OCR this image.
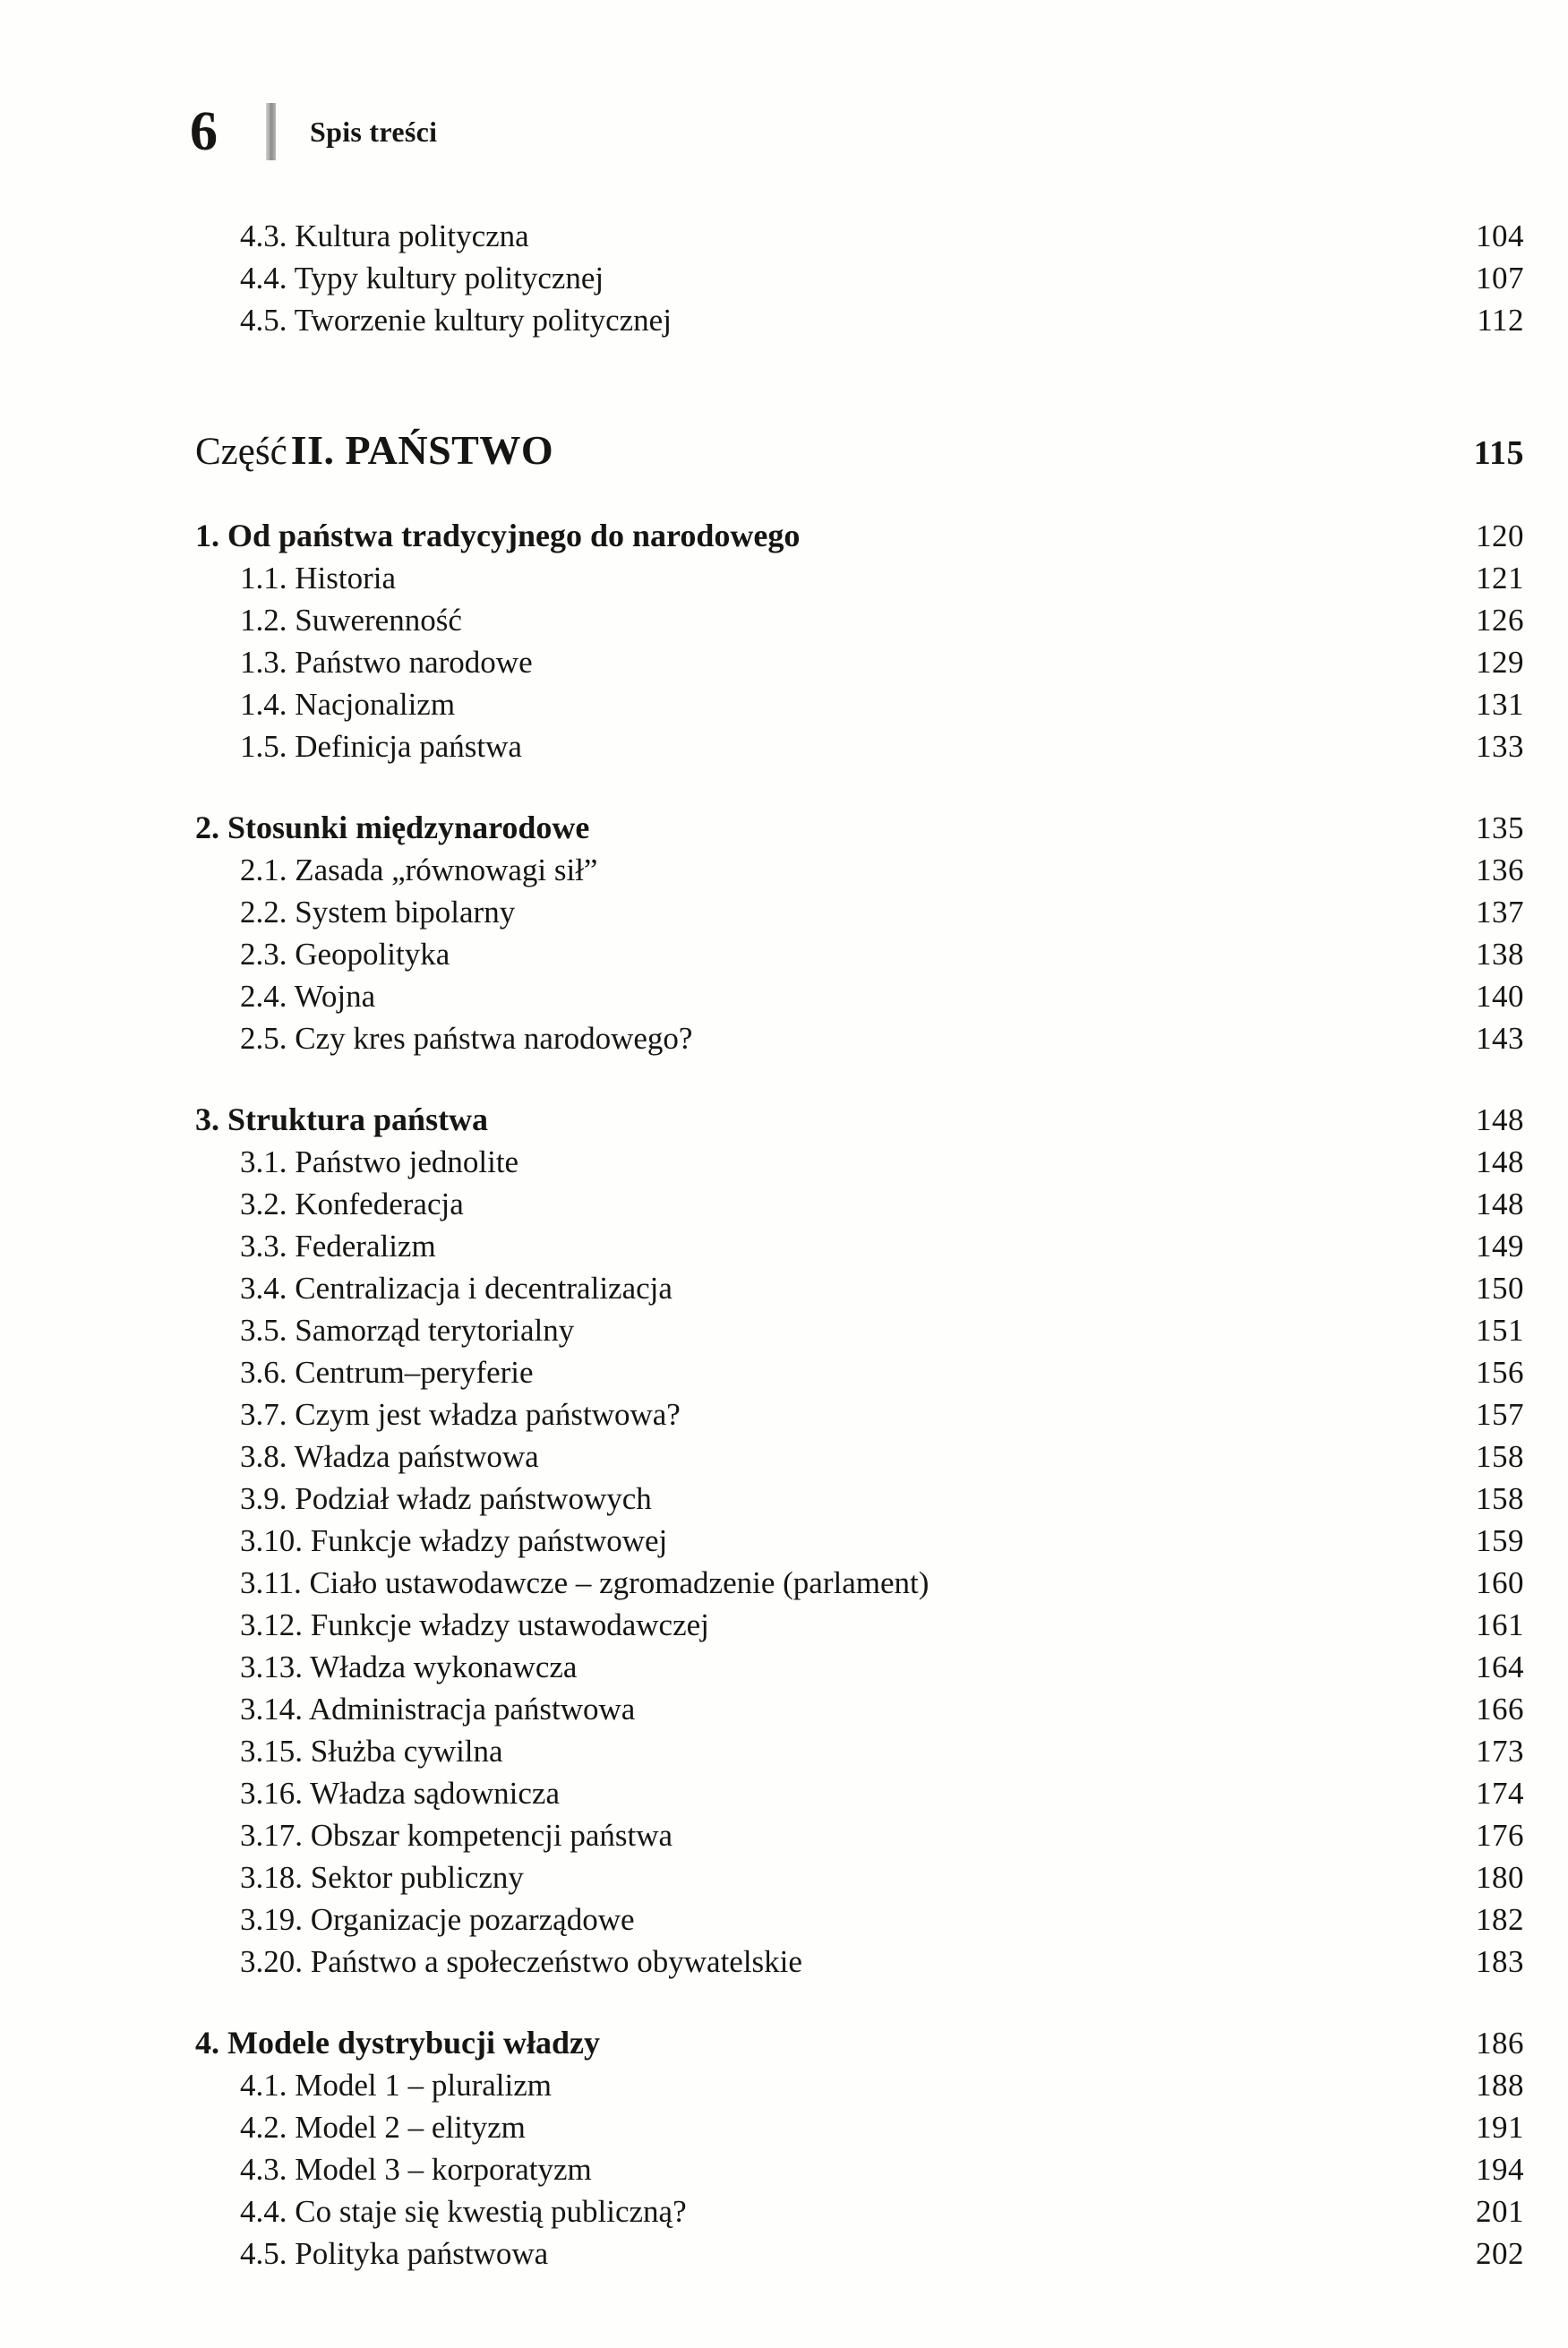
6	Spis treści
4.3. Kultura polityczna	104
4.4. Typy kultury politycznej	107
4.5. Tworzenie kultury politycznej	112
Część II. PAŃSTWO	115
1. Od państwa tradycyjnego do narodowego	120
1.1. Historia	121
1.2. Suwerenność	126
1.3. Państwo narodowe	129
1.4. Nacjonalizm	131
1.5. Definicja państwa	133
2. Stosunki międzynarodowe	135
2.1. Zasada „równowagi sił”	136
2.2. System bipolarny	137
2.3. Geopolityka	138
2.4. Wojna	140
2.5. Czy kres państwa narodowego?	143
3. Struktura państwa	148
3.1. Państwo jednolite	148
3.2. Konfederacja	148
3.3. Federalizm	149
3.4. Centralizacja i decentralizacja	150
3.5. Samorząd terytorialny	151
3.6. Centrum–peryferie	156
3.7. Czym jest władza państwowa?	157
3.8. Władza państwowa	158
3.9. Podział władz państwowych	158
3.10. Funkcje władzy państwowej	159
3.11. Ciało ustawodawcze – zgromadzenie (parlament)	160
3.12. Funkcje władzy ustawodawczej	161
3.13. Władza wykonawcza	164
3.14. Administracja państwowa	166
3.15. Służba cywilna	173
3.16. Władza sądownicza	174
3.17. Obszar kompetencji państwa	176
3.18. Sektor publiczny	180
3.19. Organizacje pozarządowe	182
3.20. Państwo a społeczeństwo obywatelskie	183
4. Modele dystrybucji władzy	186
4.1. Model 1 – pluralizm	188
4.2. Model 2 – elityzm	191
4.3. Model 3 – korporatyzm	194
4.4. Co staje się kwestią publiczną?	201
4.5. Polityka państwowa	202
